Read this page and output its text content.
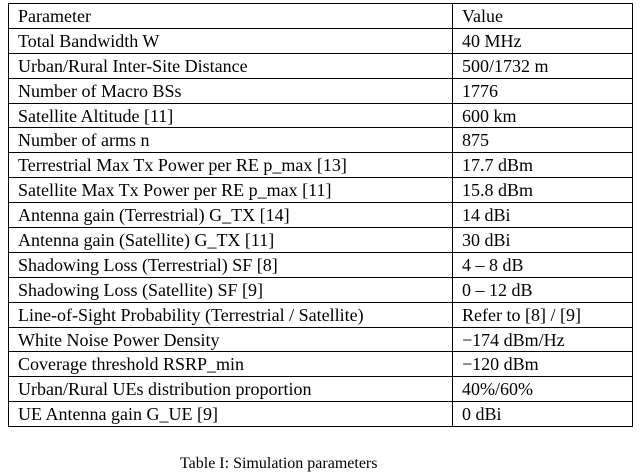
Parameter	Value
Total Bandwidth W	40 MHz
Urban/Rural Inter-Site Distance	500/1732 m
Number of Macro BSs	1776
Satellite Altitude [11]	600 km
Number of arms n	875
Terrestrial Max Tx Power per RE p_max [13]	17.7 dBm
Satellite Max Tx Power per RE p_max [11]	15.8 dBm
Antenna gain (Terrestrial) G_TX [14]	14 dBi
Antenna gain (Satellite) G_TX [11]	30 dBi
Shadowing Loss (Terrestrial) SF [8]	4 – 8 dB
Shadowing Loss (Satellite) SF [9]	0 – 12 dB
Line-of-Sight Probability (Terrestrial / Satellite)	Refer to [8] / [9]
White Noise Power Density	−174 dBm/Hz
Coverage threshold RSRP_min	−120 dBm
Urban/Rural UEs distribution proportion	40%/60%
UE Antenna gain G_UE [9]	0 dBi
Table I: Simulation parameters
